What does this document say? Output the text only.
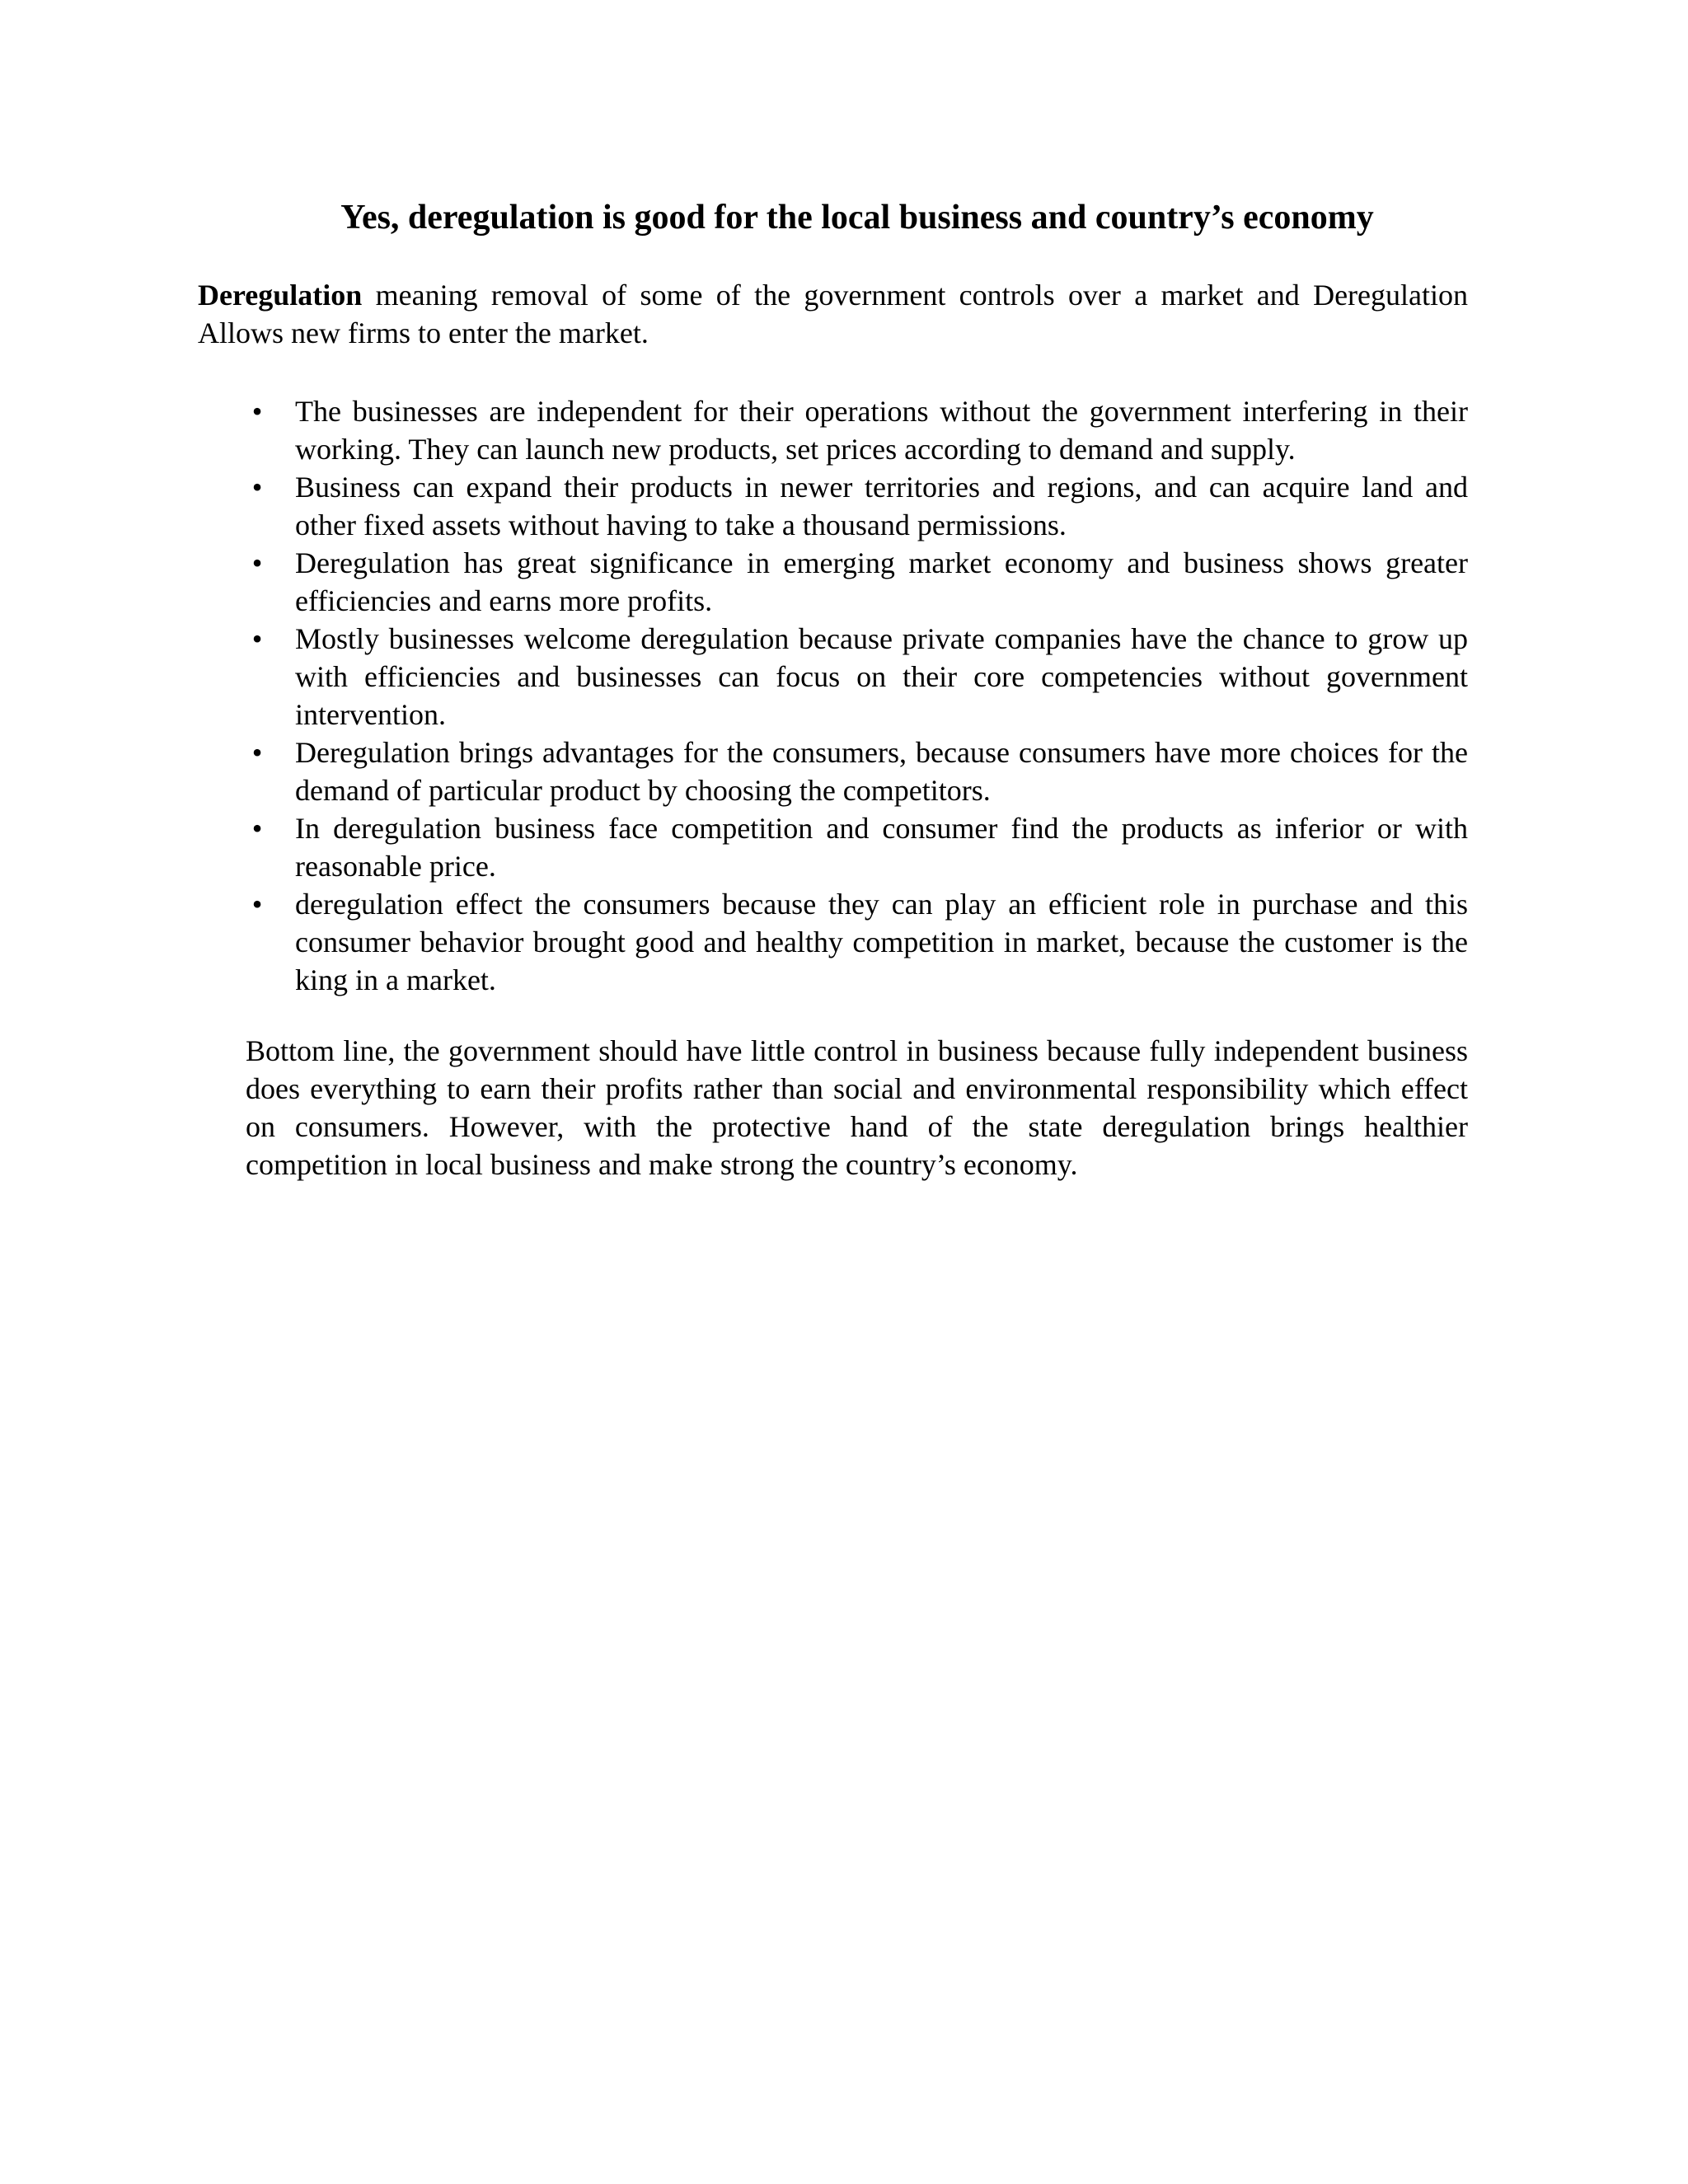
Yes, deregulation is good for the local business and country’s economy

Deregulation meaning removal of some of the government controls over a market and Deregulation Allows new firms to enter the market.

• The businesses are independent for their operations without the government interfering in their working. They can launch new products, set prices according to demand and supply.
• Business can expand their products in newer territories and regions, and can acquire land and other fixed assets without having to take a thousand permissions.
• Deregulation has great significance in emerging market economy and business shows greater efficiencies and earns more profits.
• Mostly businesses welcome deregulation because private companies have the chance to grow up with efficiencies and businesses can focus on their core competencies without government intervention.
• Deregulation brings advantages for the consumers, because consumers have more choices for the demand of particular product by choosing the competitors.
• In deregulation business face competition and consumer find the products as inferior or with reasonable price.
• deregulation effect the consumers because they can play an efficient role in purchase and this consumer behavior brought good and healthy competition in market, because the customer is the king in a market.

Bottom line, the government should have little control in business because fully independent business does everything to earn their profits rather than social and environmental responsibility which effect on consumers. However, with the protective hand of the state deregulation brings healthier competition in local business and make strong the country’s economy.
